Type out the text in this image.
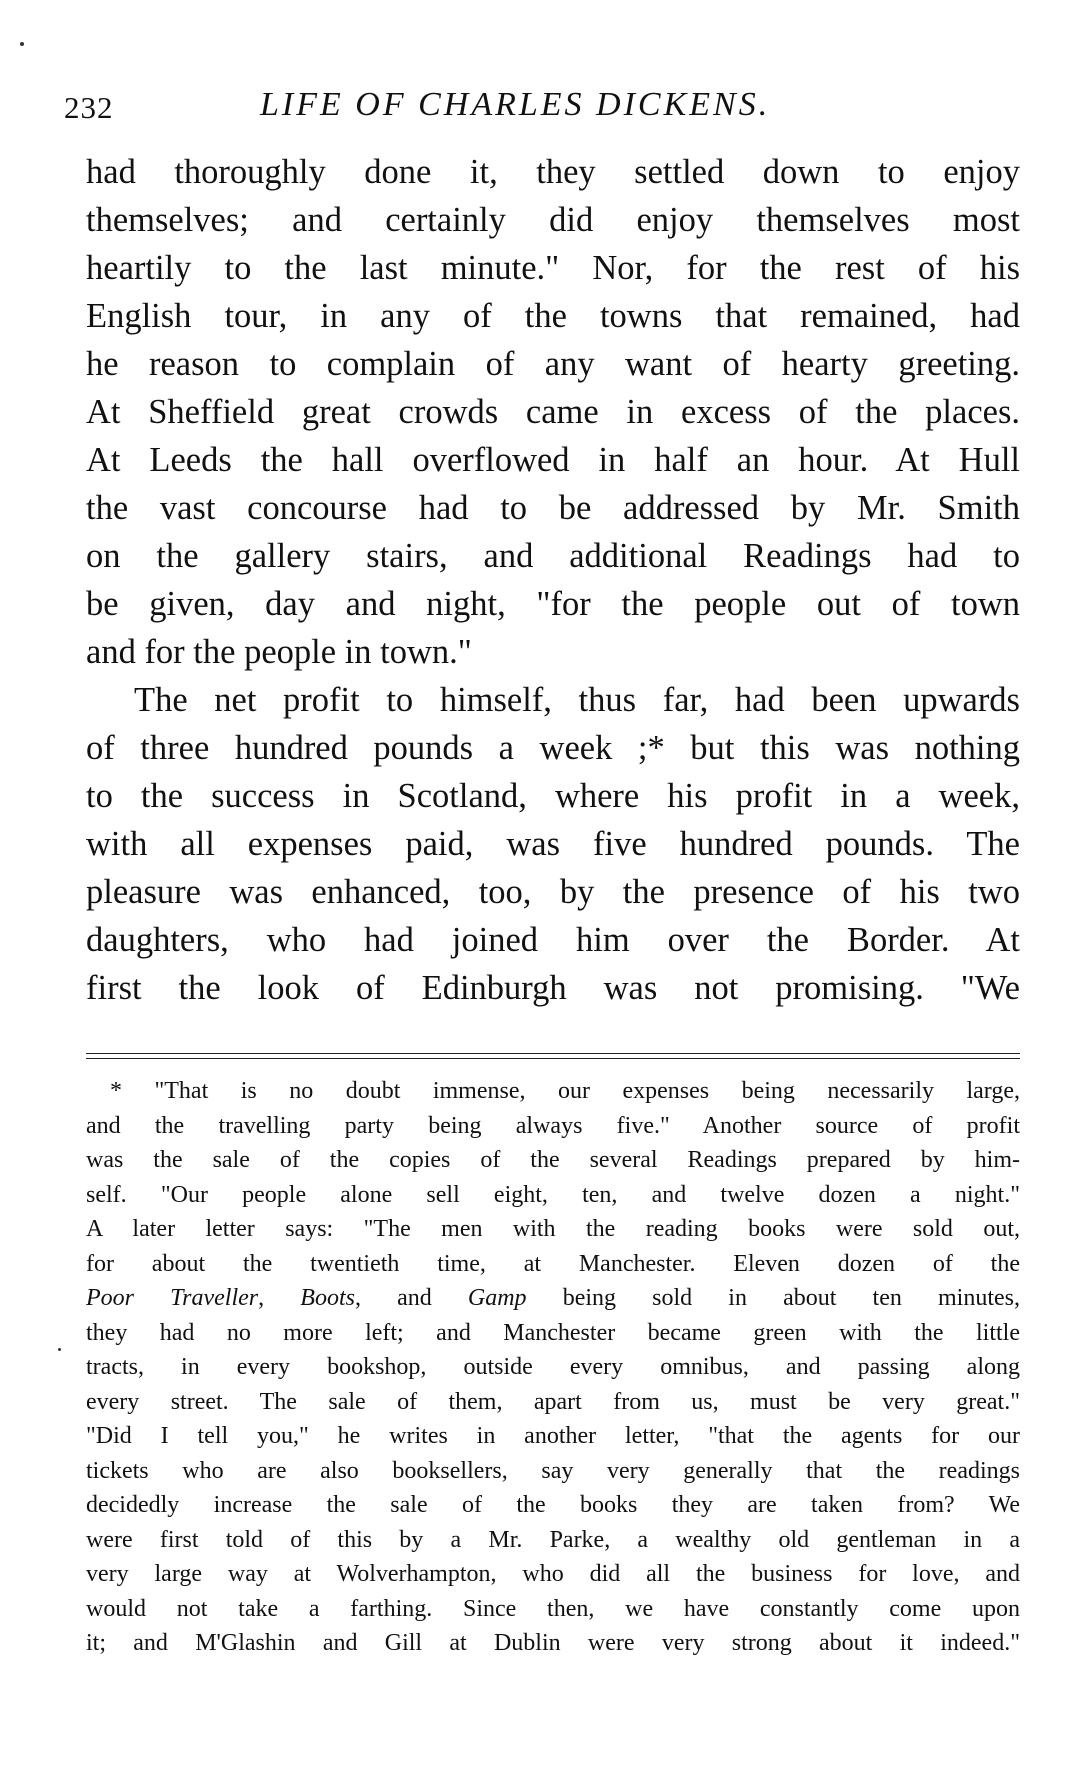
232	LIFE OF CHARLES DICKENS.
had thoroughly done it, they settled down to enjoy
themselves; and certainly did enjoy themselves most
heartily to the last minute." Nor, for the rest of his
English tour, in any of the towns that remained, had
he reason to complain of any want of hearty greeting.
At Sheffield great crowds came in excess of the places.
At Leeds the hall overflowed in half an hour. At Hull
the vast concourse had to be addressed by Mr. Smith
on the gallery stairs, and additional Readings had to
be given, day and night, "for the people out of town
and for the people in town."
The net profit to himself, thus far, had been upwards
of three hundred pounds a week ;* but this was nothing
to the success in Scotland, where his profit in a week,
with all expenses paid, was five hundred pounds. The
pleasure was enhanced, too, by the presence of his two
daughters, who had joined him over the Border. At
first the look of Edinburgh was not promising. "We
* "That is no doubt immense, our expenses being necessarily large,
and the travelling party being always five." Another source of profit
was the sale of the copies of the several Readings prepared by him-
self. "Our people alone sell eight, ten, and twelve dozen a night."
A later letter says: "The men with the reading books were sold out,
for about the twentieth time, at Manchester. Eleven dozen of the
Poor Traveller, Boots, and Gamp being sold in about ten minutes,
they had no more left; and Manchester became green with the little
tracts, in every bookshop, outside every omnibus, and passing along
every street. The sale of them, apart from us, must be very great."
"Did I tell you," he writes in another letter, "that the agents for our
tickets who are also booksellers, say very generally that the readings
decidedly increase the sale of the books they are taken from? We
were first told of this by a Mr. Parke, a wealthy old gentleman in a
very large way at Wolverhampton, who did all the business for love, and
would not take a farthing. Since then, we have constantly come upon
it; and M'Glashin and Gill at Dublin were very strong about it indeed."
